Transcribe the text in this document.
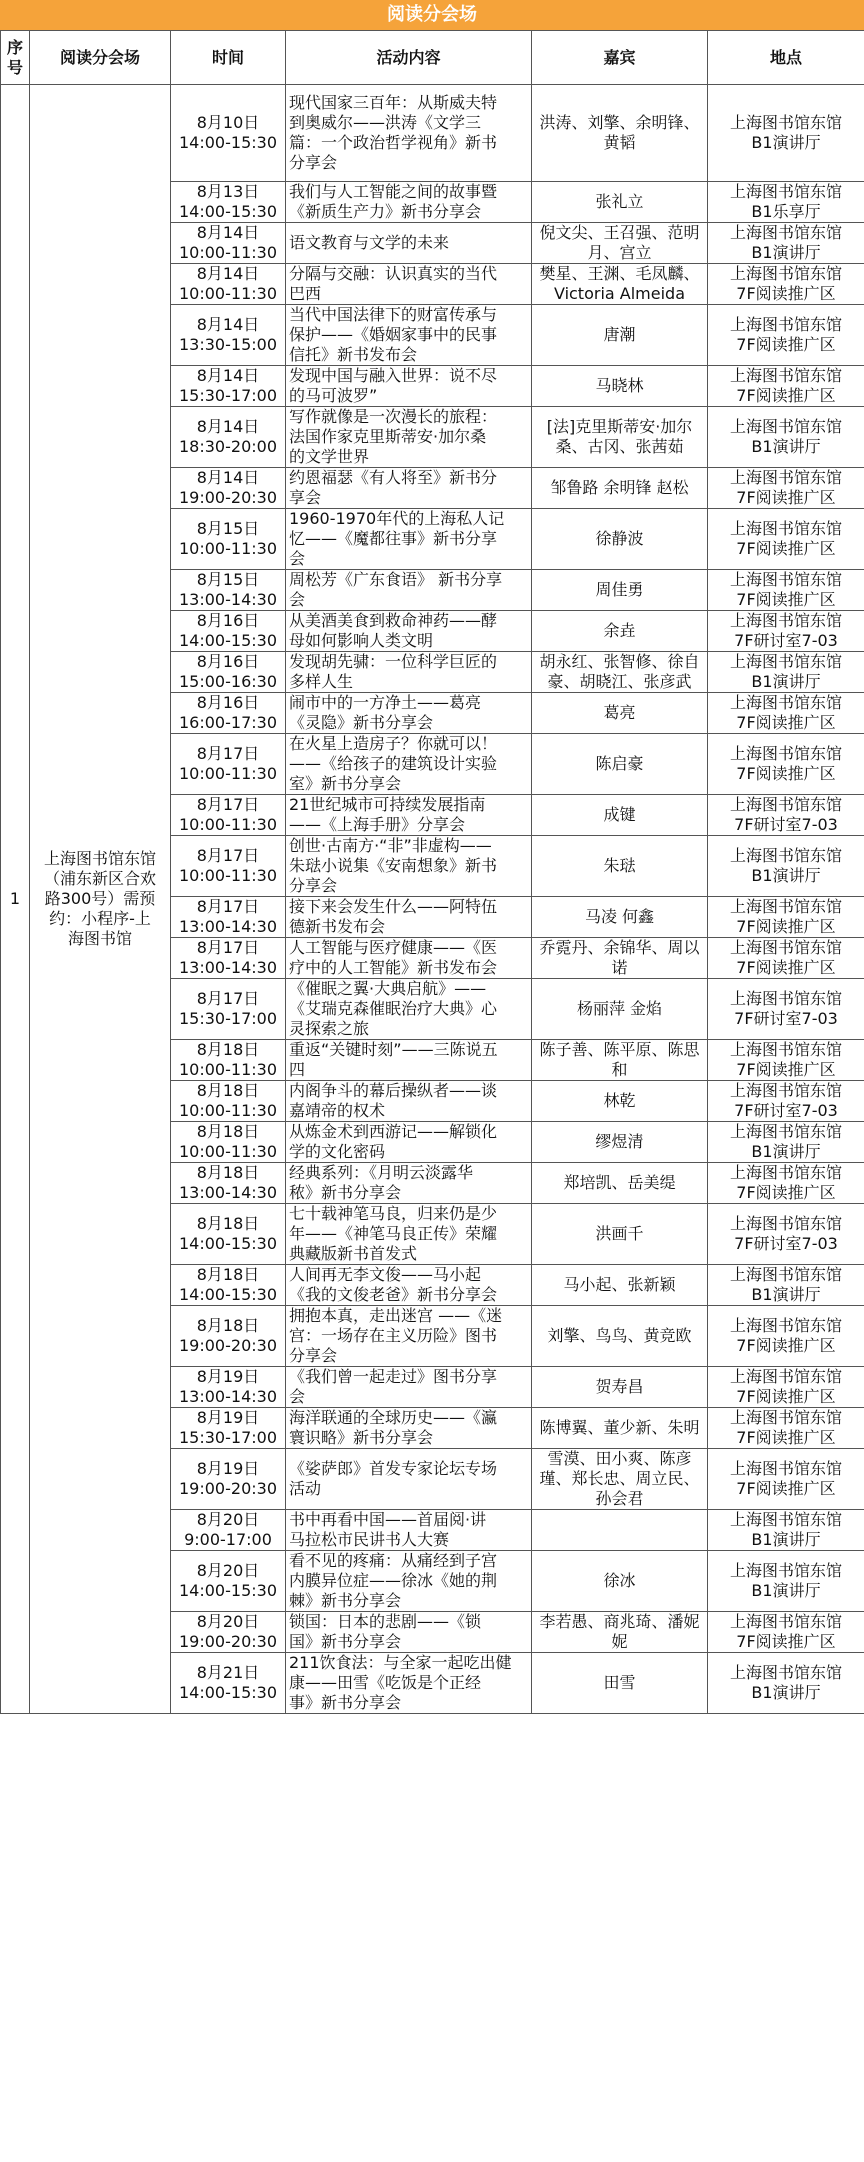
阅读分会场
序号	阅读分会场	时间	活动内容	嘉宾	地点
1	上海图书馆东馆
（浦东新区合欢
路300号）需预
约：小程序-上
海图书馆	8月10日
14:00-15:30	现代国家三百年：从斯威夫特
到奥威尔——洪涛《文学三
篇：一个政治哲学视角》新书
分享会	洪涛、刘擎、余明锋、
黄韬	上海图书馆东馆
B1演讲厅

		8月13日
14:00-15:30	我们与人工智能之间的故事暨
《新质生产力》新书分享会	张礼立	上海图书馆东馆
B1乐享厅

		8月14日
10:00-11:30	语文教育与文学的未来	倪文尖、王召强、范明
月、宫立	上海图书馆东馆
B1演讲厅

		8月14日
10:00-11:30	分隔与交融：认识真实的当代
巴西	樊星、王渊、毛凤麟、
Victoria Almeida	上海图书馆东馆
7F阅读推广区

		8月14日
13:30-15:00	当代中国法律下的财富传承与
保护——《婚姻家事中的民事
信托》新书发布会	唐潮	上海图书馆东馆
7F阅读推广区

		8月14日
15:30-17:00	发现中国与融入世界：说不尽
的马可波罗”	马晓林	上海图书馆东馆
7F阅读推广区

		8月14日
18:30-20:00	写作就像是一次漫长的旅程：
法国作家克里斯蒂安·加尔桑
的文学世界	[法]克里斯蒂安·加尔
桑、古冈、张茜茹	上海图书馆东馆
B1演讲厅

		8月14日
19:00-20:30	约恩福瑟《有人将至》新书分
享会	邹鲁路 余明锋 赵松	上海图书馆东馆
7F阅读推广区

		8月15日
10:00-11:30	1960-1970年代的上海私人记
忆——《魔都往事》新书分享
会	徐静波	上海图书馆东馆
7F阅读推广区

		8月15日
13:00-14:30	周松芳《广东食语》 新书分享
会	周佳勇	上海图书馆东馆
7F阅读推广区

		8月16日
14:00-15:30	从美酒美食到救命神药——酵
母如何影响人类文明	余垚	上海图书馆东馆
7F研讨室7-03

		8月16日
15:00-16:30	发现胡先骕：一位科学巨匠的
多样人生	胡永红、张智修、徐自
豪、胡晓江、张彦武	上海图书馆东馆
B1演讲厅

		8月16日
16:00-17:30	闹市中的一方净土——葛亮
《灵隐》新书分享会	葛亮	上海图书馆东馆
7F阅读推广区

		8月17日
10:00-11:30	在火星上造房子？你就可以！
——《给孩子的建筑设计实验
室》新书分享会	陈启豪	上海图书馆东馆
7F阅读推广区

		8月17日
10:00-11:30	21世纪城市可持续发展指南
——《上海手册》分享会	成键	上海图书馆东馆
7F研讨室7-03

		8月17日
10:00-11:30	创世·古南方·“非”非虚构——
朱琺小说集《安南想象》新书
分享会	朱琺	上海图书馆东馆
B1演讲厅

		8月17日
13:00-14:30	接下来会发生什么——阿特伍
德新书发布会	马凌 何鑫	上海图书馆东馆
7F阅读推广区

		8月17日
13:00-14:30	人工智能与医疗健康——《医
疗中的人工智能》新书发布会	乔霓丹、余锦华、周以
诺	上海图书馆东馆
7F阅读推广区

		8月17日
15:30-17:00	《催眠之翼·大典启航》——
《艾瑞克森催眠治疗大典》心
灵探索之旅	杨丽萍 金焰	上海图书馆东馆
7F研讨室7-03

		8月18日
10:00-11:30	重返“关键时刻”——三陈说五
四	陈子善、陈平原、陈思
和	上海图书馆东馆
7F阅读推广区

		8月18日
10:00-11:30	内阁争斗的幕后操纵者——谈
嘉靖帝的权术	林乾	上海图书馆东馆
7F研讨室7-03

		8月18日
10:00-11:30	从炼金术到西游记——解锁化
学的文化密码	缪煜清	上海图书馆东馆
B1演讲厅

		8月18日
13:00-14:30	经典系列：《月明云淡露华
秾》新书分享会	郑培凯、岳美缇	上海图书馆东馆
7F阅读推广区

		8月18日
14:00-15:30	七十载神笔马良，归来仍是少
年——《神笔马良正传》荣耀
典藏版新书首发式	洪画千	上海图书馆东馆
7F研讨室7-03

		8月18日
14:00-15:30	人间再无李文俊——马小起
《我的文俊老爸》新书分享会	马小起、张新颖	上海图书馆东馆
B1演讲厅

		8月18日
19:00-20:30	拥抱本真，走出迷宫 ——《迷
宫：一场存在主义历险》图书
分享会	刘擎、鸟鸟、黄竞欧	上海图书馆东馆
7F阅读推广区

		8月19日
13:00-14:30	《我们曾一起走过》图书分享
会	贺寿昌	上海图书馆东馆
7F阅读推广区

		8月19日
15:30-17:00	海洋联通的全球历史——《瀛
寰识略》新书分享会	陈博翼、董少新、朱明	上海图书馆东馆
7F阅读推广区

		8月19日
19:00-20:30	《娑萨郎》首发专家论坛专场
活动	雪漠、田小爽、陈彦
瑾、郑长忠、周立民、
孙会君	上海图书馆东馆
7F阅读推广区

		8月20日
9:00-17:00	书中再看中国——首届阅·讲
马拉松市民讲书人大赛		上海图书馆东馆
B1演讲厅

		8月20日
14:00-15:30	看不见的疼痛：从痛经到子宫
内膜异位症——徐冰《她的荆
棘》新书分享会	徐冰	上海图书馆东馆
B1演讲厅

		8月20日
19:00-20:30	锁国：日本的悲剧——《锁
国》新书分享会	李若愚、商兆琦、潘妮
妮	上海图书馆东馆
7F阅读推广区

		8月21日
14:00-15:30	211饮食法：与全家一起吃出健
康——田雪《吃饭是个正经
事》新书分享会	田雪	上海图书馆东馆
B1演讲厅
